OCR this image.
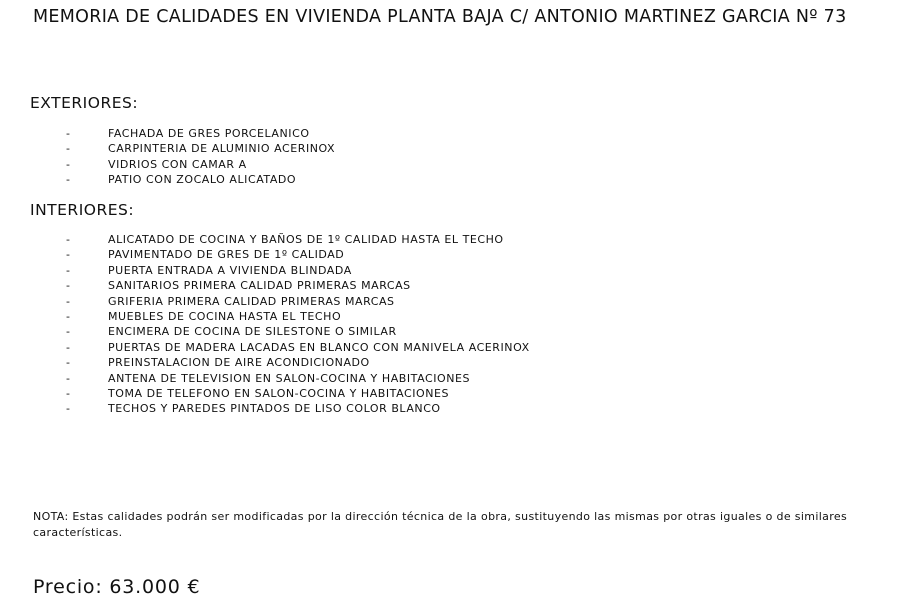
MEMORIA DE CALIDADES EN VIVIENDA PLANTA BAJA C/ ANTONIO MARTINEZ GARCIA Nº 73
EXTERIORES:
-	FACHADA DE GRES PORCELANICO
-	CARPINTERIA DE ALUMINIO ACERINOX
-	VIDRIOS CON CAMAR A
-	PATIO CON ZOCALO ALICATADO
INTERIORES:
-	ALICATADO DE COCINA Y BAÑOS DE 1º CALIDAD HASTA EL TECHO
-	PAVIMENTADO DE GRES DE 1º CALIDAD
-	PUERTA ENTRADA A VIVIENDA BLINDADA
-	SANITARIOS PRIMERA CALIDAD PRIMERAS MARCAS
-	GRIFERIA PRIMERA CALIDAD PRIMERAS MARCAS
-	MUEBLES DE COCINA HASTA EL TECHO
-	ENCIMERA DE COCINA DE SILESTONE O SIMILAR
-	PUERTAS DE MADERA LACADAS EN BLANCO CON MANIVELA ACERINOX
-	PREINSTALACION DE AIRE ACONDICIONADO
-	ANTENA DE TELEVISION EN SALON-COCINA Y HABITACIONES
-	TOMA DE TELEFONO EN SALON-COCINA Y HABITACIONES
-	TECHOS Y PAREDES PINTADOS DE LISO COLOR BLANCO

NOTA: Estas calidades podrán ser modificadas por la dirección técnica de la obra, sustituyendo las mismas por otras iguales o de similares características.

Precio: 63.000 €
